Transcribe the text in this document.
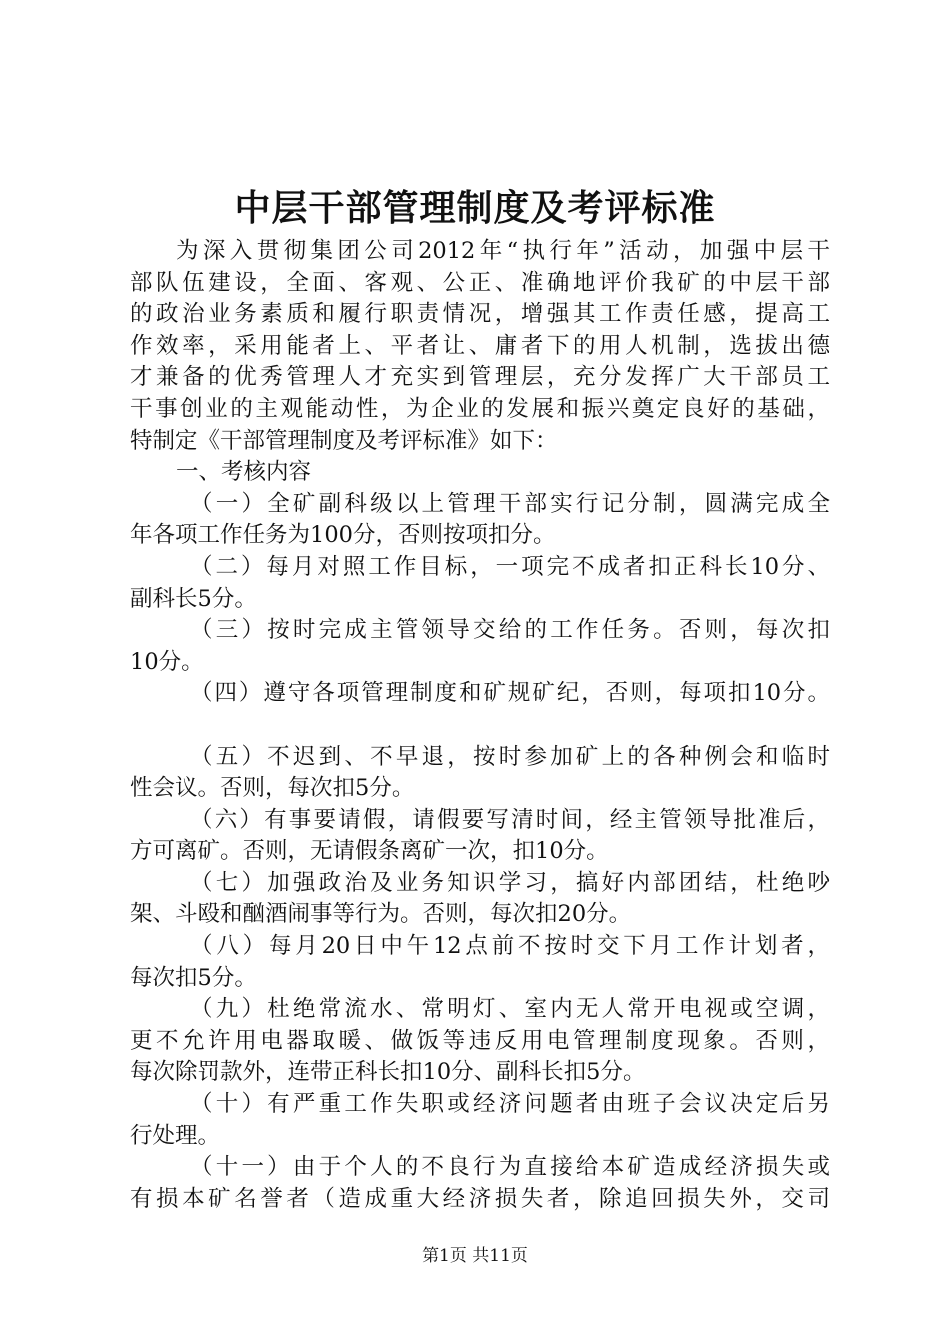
中层干部管理制度及考评标准
为深入贯彻集团公司2012年“执行年”活动，加强中层干
部队伍建设，全面、客观、公正、准确地评价我矿的中层干部
的政治业务素质和履行职责情况，增强其工作责任感，提高工
作效率，采用能者上、平者让、庸者下的用人机制，选拔出德
才兼备的优秀管理人才充实到管理层，充分发挥广大干部员工
干事创业的主观能动性，为企业的发展和振兴奠定良好的基础，
特制定《干部管理制度及考评标准》如下：
一、考核内容
（一）全矿副科级以上管理干部实行记分制，圆满完成全
年各项工作任务为100分，否则按项扣分。
（二）每月对照工作目标，一项完不成者扣正科长10分、
副科长5分。
（三）按时完成主管领导交给的工作任务。否则，每次扣
10分。
（四）遵守各项管理制度和矿规矿纪，否则，每项扣10分。
（五）不迟到、不早退，按时参加矿上的各种例会和临时
性会议。否则，每次扣5分。
（六）有事要请假，请假要写清时间，经主管领导批准后，
方可离矿。否则，无请假条离矿一次，扣10分。
（七）加强政治及业务知识学习，搞好内部团结，杜绝吵
架、斗殴和酗酒闹事等行为。否则，每次扣20分。
（八）每月20日中午12点前不按时交下月工作计划者，
每次扣5分。
（九）杜绝常流水、常明灯、室内无人常开电视或空调，
更不允许用电器取暖、做饭等违反用电管理制度现象。否则，
每次除罚款外，连带正科长扣10分、副科长扣5分。
（十）有严重工作失职或经济问题者由班子会议决定后另
行处理。
（十一）由于个人的不良行为直接给本矿造成经济损失或
有损本矿名誉者（造成重大经济损失者，除追回损失外，交司
第1页 共11页
